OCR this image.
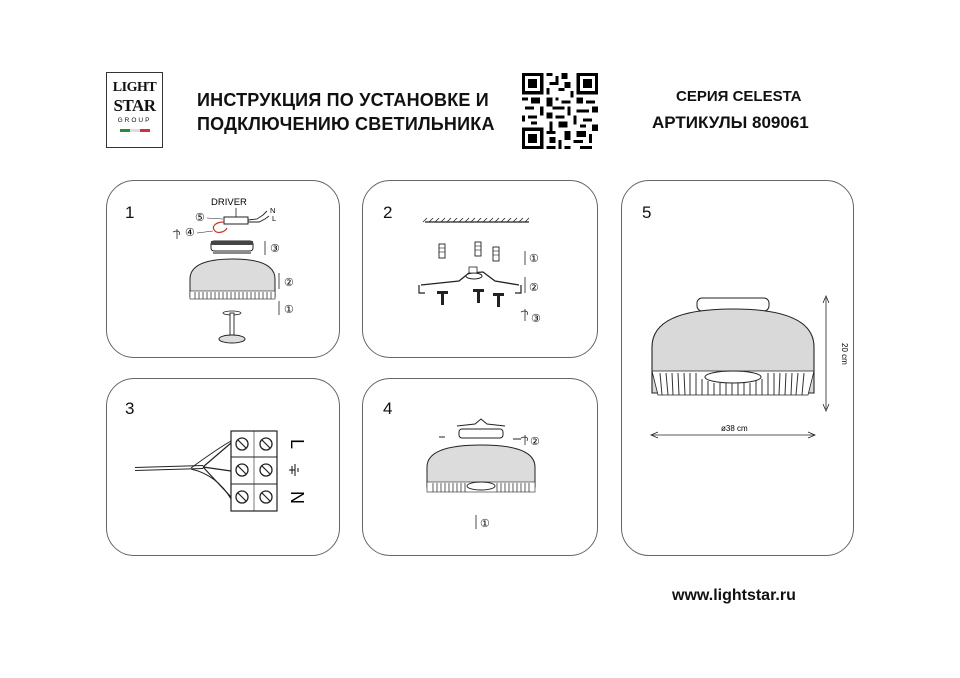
LIGHT
STAR
GROUP
ИНСТРУКЦИЯ ПО УСТАНОВКЕ И
ПОДКЛЮЧЕНИЮ СВЕТИЛЬНИКА
СЕРИЯ CELESTA
АРТИКУЛЫ 809061
1
DRIVER
N
L
⑤
④
③
②
①
2
①
②
③
3
L
N
4
②
①
5
20 cm
ø38 cm
www.lightstar.ru
